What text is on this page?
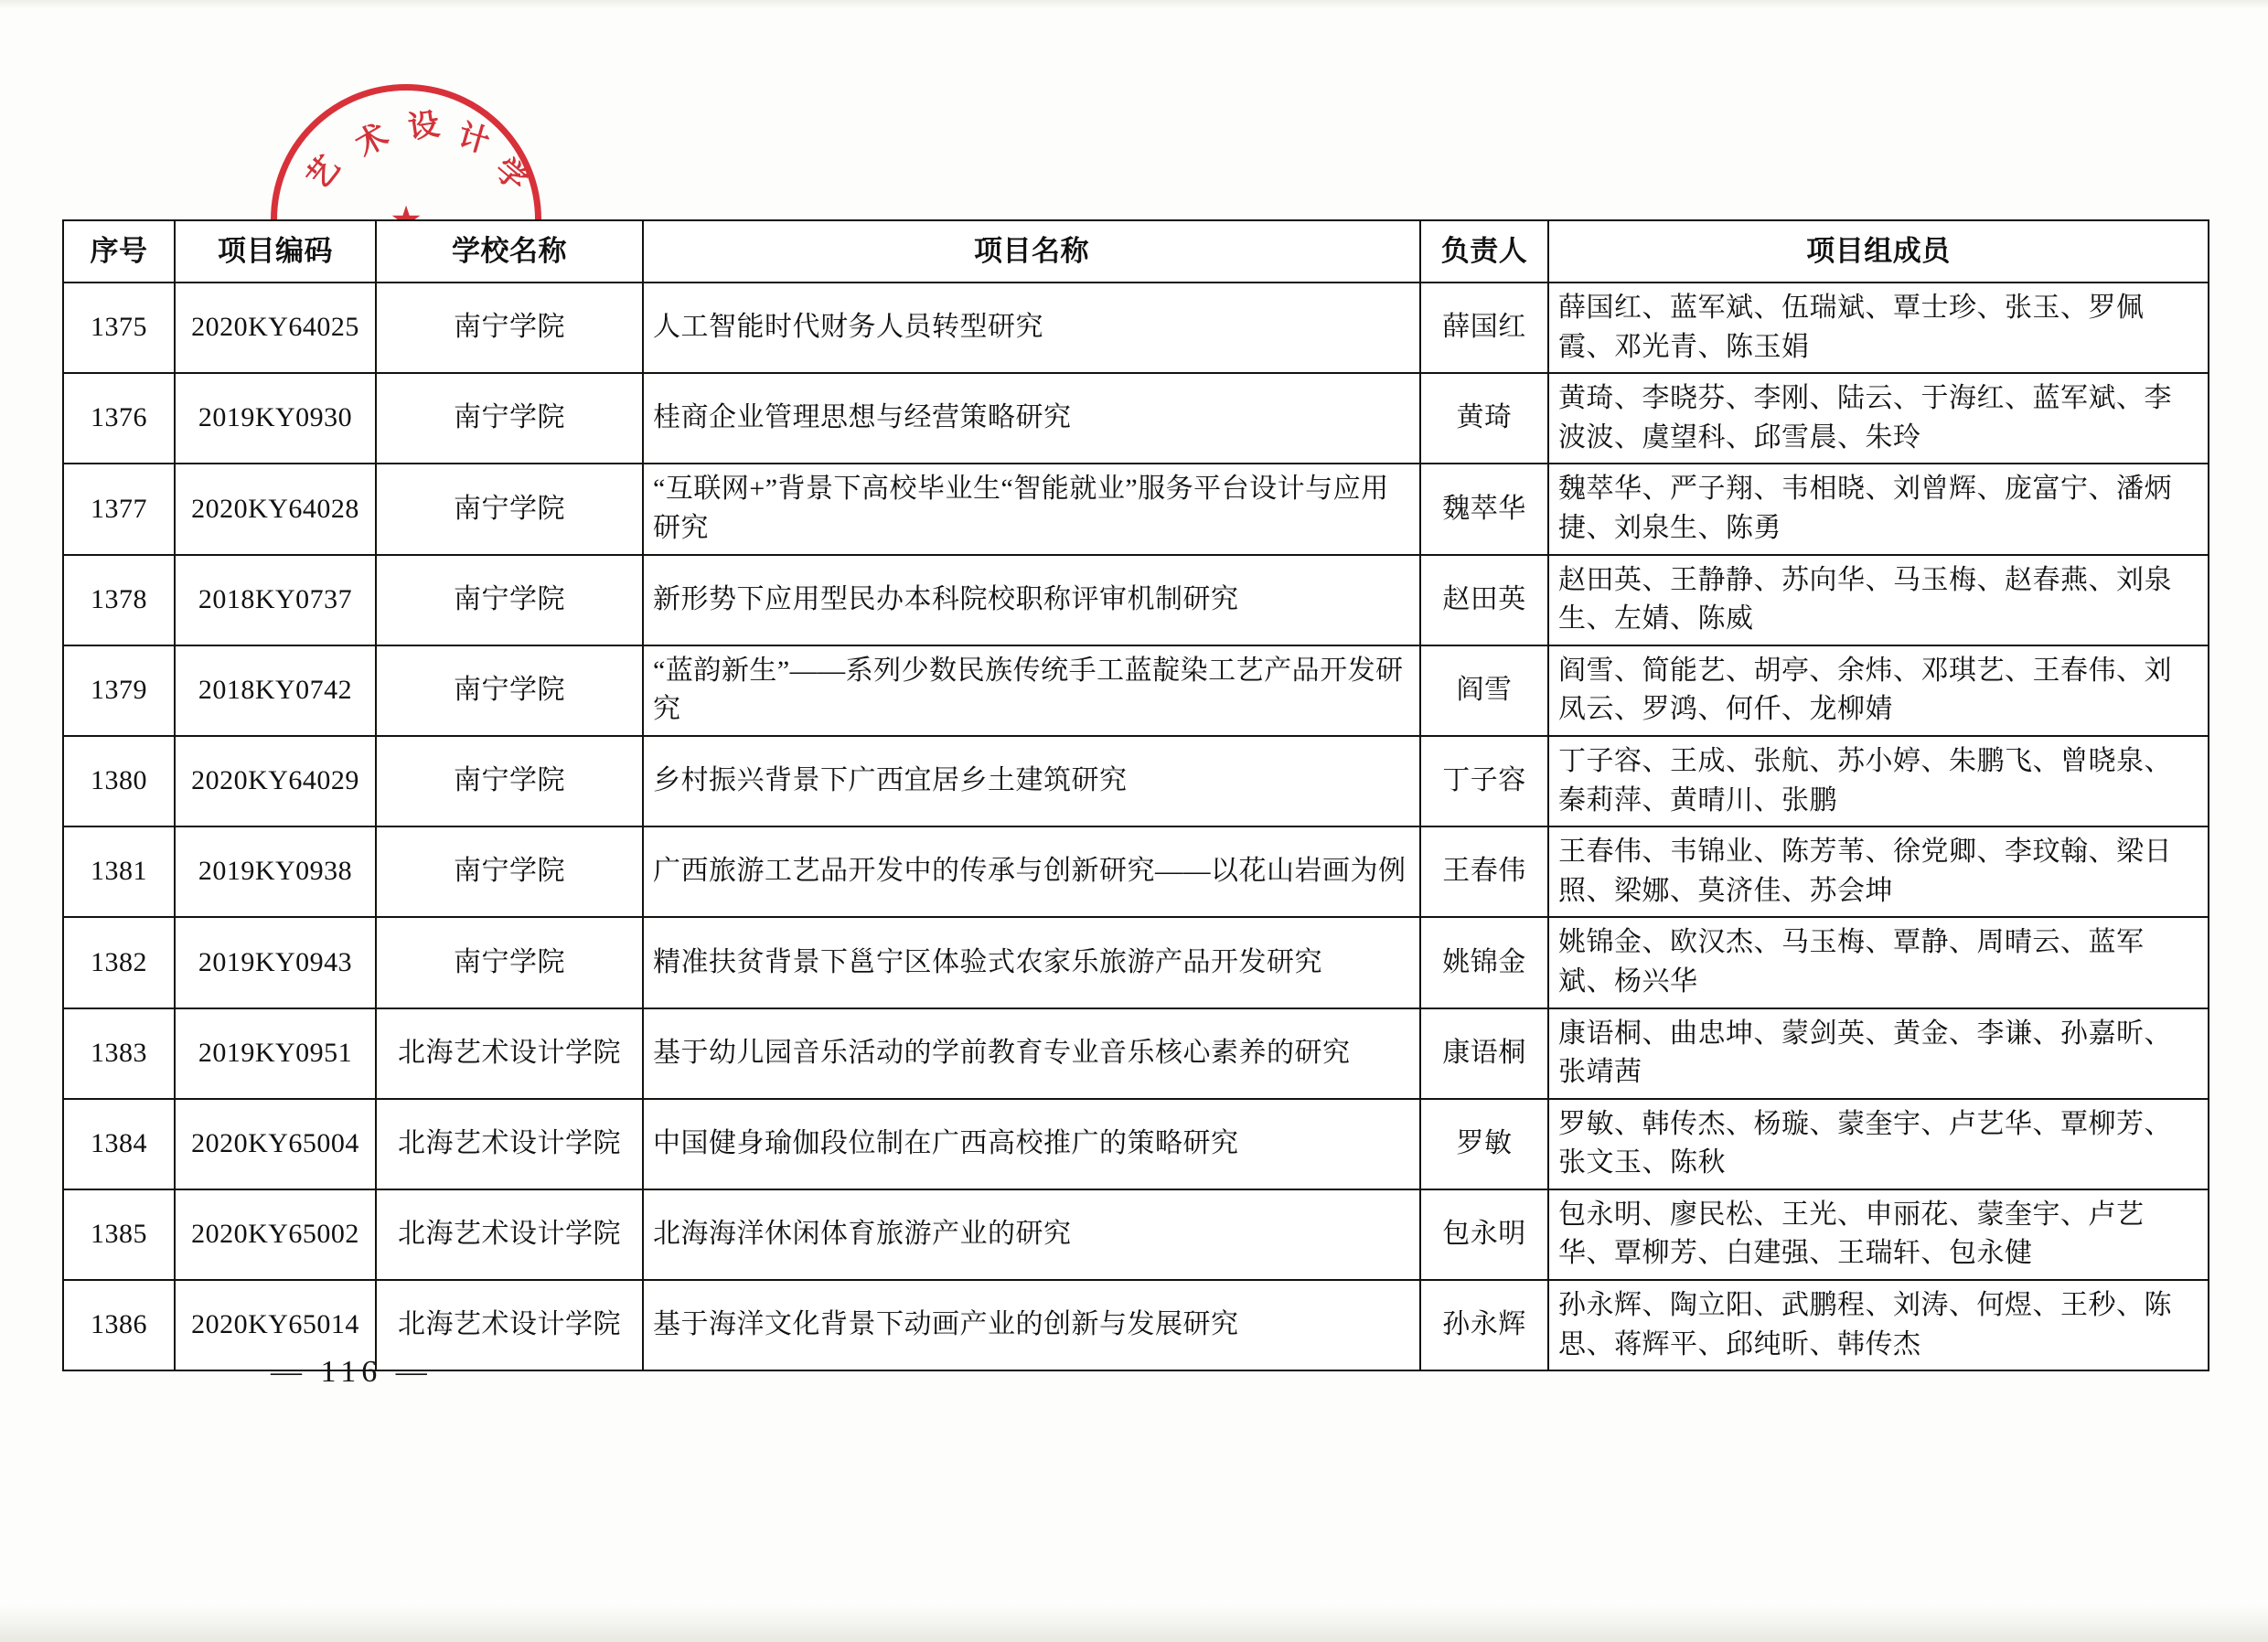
艺
术 设 计
学
序号	项目编码	学校名称	项目名称	负责人	项目组成员
1375	2020KY64025	南宁学院	人工智能时代财务人员转型研究	薛国红	薛国红、蓝军斌、伍瑞斌、覃士珍、张玉、罗佩霞、邓光青、陈玉娟
1376	2019KY0930	南宁学院	桂商企业管理思想与经营策略研究	黄琦	黄琦、李晓芬、李刚、陆云、于海红、蓝军斌、李波波、虞望科、邱雪晨、朱玲
1377	2020KY64028	南宁学院	“互联网+”背景下高校毕业生“智能就业”服务平台设计与应用研究	魏萃华	魏萃华、严子翔、韦相晓、刘曾辉、庞富宁、潘炳捷、刘泉生、陈勇
1378	2018KY0737	南宁学院	新形势下应用型民办本科院校职称评审机制研究	赵田英	赵田英、王静静、苏向华、马玉梅、赵春燕、刘泉生、左婧、陈威
1379	2018KY0742	南宁学院	“蓝韵新生”——系列少数民族传统手工蓝靛染工艺产品开发研究	阎雪	阎雪、简能艺、胡亭、余炜、邓琪艺、王春伟、刘凤云、罗鸿、何仟、龙柳婧
1380	2020KY64029	南宁学院	乡村振兴背景下广西宜居乡土建筑研究	丁子容	丁子容、王成、张航、苏小婷、朱鹏飞、曾晓泉、秦莉萍、黄晴川、张鹏
1381	2019KY0938	南宁学院	广西旅游工艺品开发中的传承与创新研究——以花山岩画为例	王春伟	王春伟、韦锦业、陈芳苇、徐党卿、李玟翰、梁日照、梁娜、莫济佳、苏会坤
1382	2019KY0943	南宁学院	精准扶贫背景下邕宁区体验式农家乐旅游产品开发研究	姚锦金	姚锦金、欧汉杰、马玉梅、覃静、周晴云、蓝军斌、杨兴华
1383	2019KY0951	北海艺术设计学院	基于幼儿园音乐活动的学前教育专业音乐核心素养的研究	康语桐	康语桐、曲忠坤、蒙剑英、黄金、李谦、孙嘉昕、张靖茜
1384	2020KY65004	北海艺术设计学院	中国健身瑜伽段位制在广西高校推广的策略研究	罗敏	罗敏、韩传杰、杨璇、蒙奎宇、卢艺华、覃柳芳、张文玉、陈秋
1385	2020KY65002	北海艺术设计学院	北海海洋休闲体育旅游产业的研究	包永明	包永明、廖民松、王光、申丽花、蒙奎宇、卢艺华、覃柳芳、白建强、王瑞轩、包永健
1386	2020KY65014	北海艺术设计学院	基于海洋文化背景下动画产业的创新与发展研究	孙永辉	孙永辉、陶立阳、武鹏程、刘涛、何煜、王秒、陈思、蒋辉平、邱纯昕、韩传杰
— 116 —
